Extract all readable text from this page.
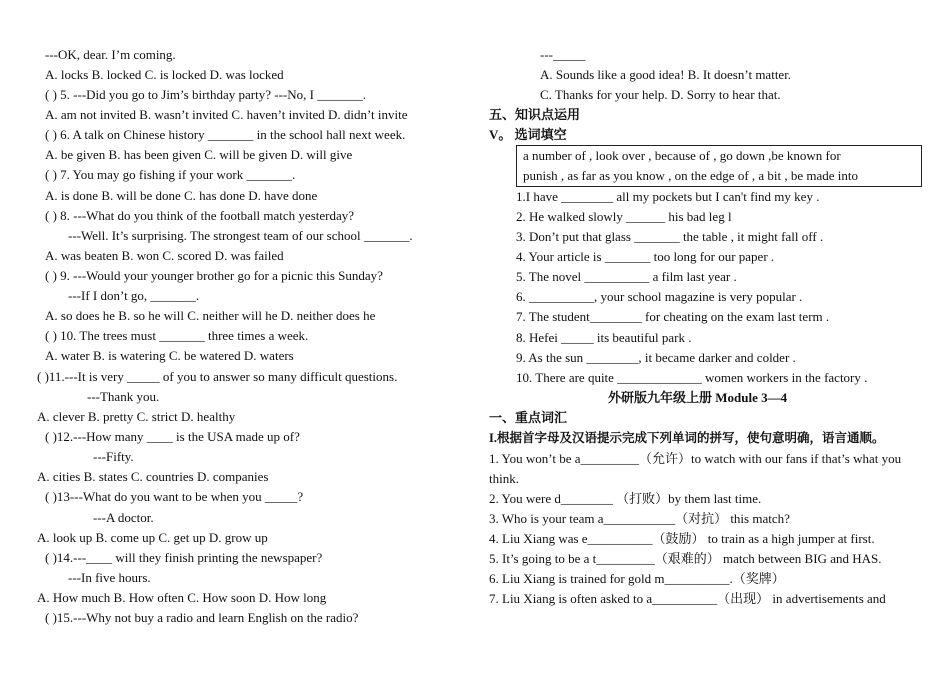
---OK, dear. I’m coming.
A. locks B. locked C. is locked D. was locked
( ) 5. ---Did you go to Jim’s birthday party? ---No, I _______.
A. am not invited B. wasn’t invited C. haven’t invited D. didn’t invite
( ) 6. A talk on Chinese history _______ in the school hall next week.
A. be given B. has been given C. will be given D. will give
( ) 7. You may go fishing if your work _______.
A. is done B. will be done C. has done D. have done
( ) 8. ---What do you think of the football match yesterday?
---Well. It’s surprising. The strongest team of our school _______.
A. was beaten B. won C. scored D. was failed
( ) 9. ---Would your younger brother go for a picnic this Sunday?
---If I don’t go, _______.
A. so does he B. so he will C. neither will he D. neither does he
( ) 10. The trees must _______ three times a week.
A. water B. is watering C. be watered D. waters
( )11.---It is very _____ of you to answer so many difficult questions.
---Thank you.
A. clever B. pretty C. strict D. healthy
( )12.---How many ____ is the USA made up of?
---Fifty.
A. cities B. states C. countries D. companies
( )13---What do you want to be when you _____?
---A doctor.
A. look up B. come up C. get up D. grow up
( )14.---____ will they finish printing the newspaper?
---In five hours.
A. How much B. How often C. How soon D. How long
( )15.---Why not buy a radio and learn English on the radio?
---_____
A. Sounds like a good idea! B. It doesn’t matter.
C. Thanks for your help. D. Sorry to hear that.
五、知识点运用
V。 选词填空
a number of , look over , because of , go down ,be known for
punish , as far as you know , on the edge of , a bit , be made into
1.I have ________ all my pockets but I can't find my key .
2. He walked slowly ______ his bad leg l
3. Don’t put that glass _______ the table , it might fall off .
4. Your article is _______ too long for our paper .
5. The novel __________ a film last year .
6. __________, your school magazine is very popular .
7. The student________ for cheating on the exam last term .
8. Hefei _____ its beautiful park .
9. As the sun ________, it became darker and colder .
10. There are quite _____________ women workers in the factory .
外研版九年级上册 Module 3—4
一、重点词汇
I.根据首字母及汉语提示完成下列单词的拼写，使句意明确，语言通顺。
1. You won’t be a_________（允许）to watch with our fans if that’s what you
think.
2. You were d________ （打败）by them last time.
3. Who is your team a___________（对抗） this match?
4. Liu Xiang was e__________（鼓励） to train as a high jumper at first.
5. It’s going to be a t_________（艰难的） match between BIG and HAS.
6. Liu Xiang is trained for gold m__________.（奖牌）
7. Liu Xiang is often asked to a__________（出现） in advertisements and
